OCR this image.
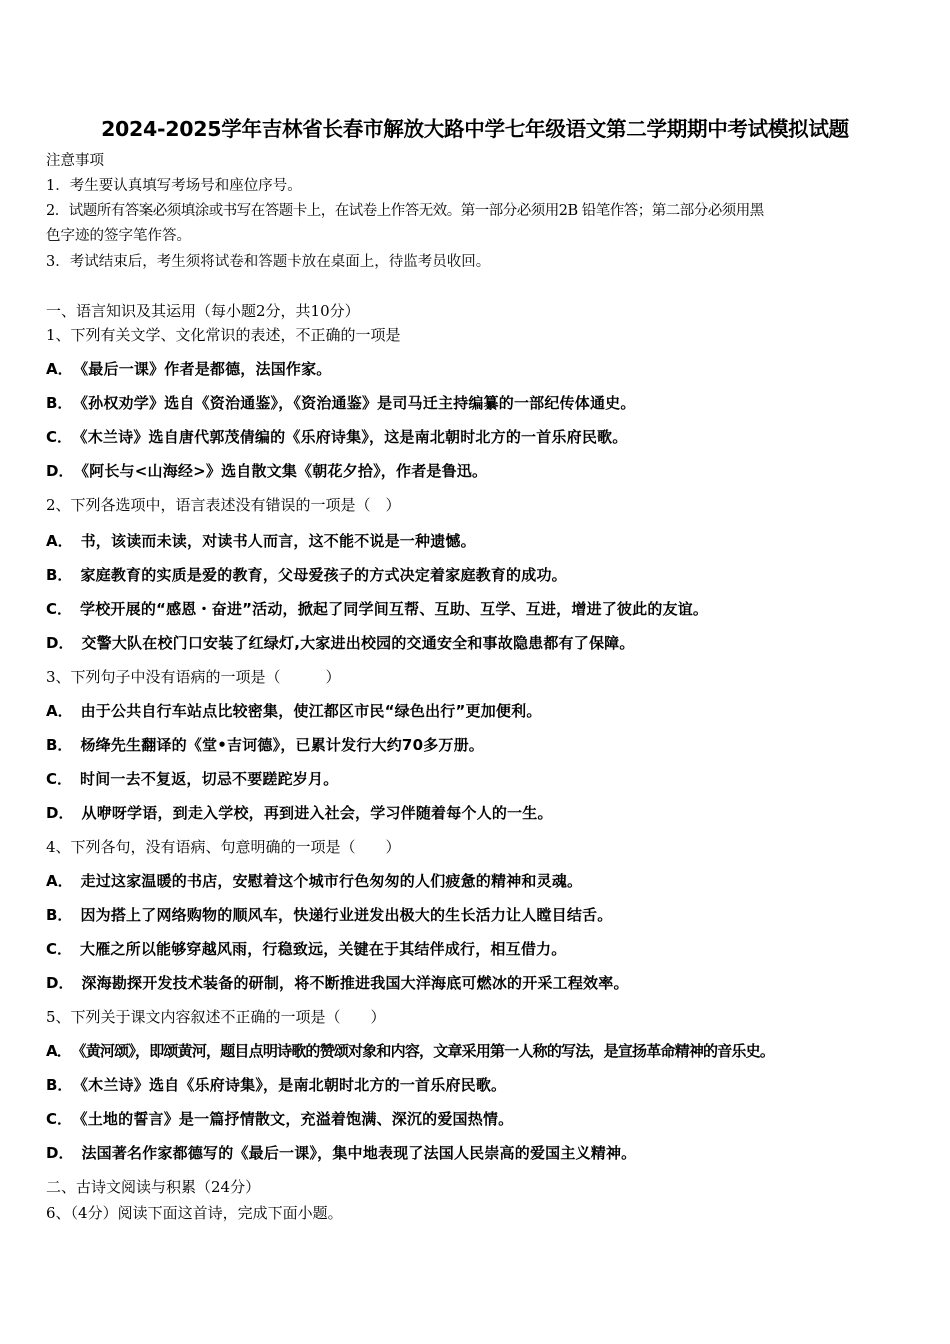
2024-2025学年吉林省长春市解放大路中学七年级语文第二学期期中考试模拟试题
注意事项
1．考生要认真填写考场号和座位序号。
2．试题所有答案必须填涂或书写在答题卡上，在试卷上作答无效。第一部分必须用2B 铅笔作答；第二部分必须用黑
色字迹的签字笔作答。
3．考试结束后，考生须将试卷和答题卡放在桌面上，待监考员收回。
一、语言知识及其运用（每小题2分，共10分）
1、下列有关文学、文化常识的表述，不正确的一项是
A． 《最后一课》作者是都德，法国作家。
B． 《孙权劝学》选自《资治通鉴》，《资治通鉴》是司马迁主持编纂的一部纪传体通史。
C． 《木兰诗》选自唐代郭茂倩编的《乐府诗集》，这是南北朝时北方的一首乐府民歌。
D． 《阿长与<山海经>》选自散文集《朝花夕拾》，作者是鲁迅。
2、下列各选项中，语言表述没有错误的一项是（　）
A． 书，该读而未读，对读书人而言，这不能不说是一种遗憾。
B． 家庭教育的实质是爱的教育，父母爱孩子的方式决定着家庭教育的成功。
C． 学校开展的“感恩・奋进”活动，掀起了同学间互帮、互助、互学、互进，增进了彼此的友谊。
D． 交警大队在校门口安装了红绿灯,大家进出校园的交通安全和事故隐患都有了保障。
3、下列句子中没有语病的一项是（　　　）
A． 由于公共自行车站点比较密集，使江都区市民“绿色出行”更加便利。
B． 杨绛先生翻译的《堂•吉诃德》，已累计发行大约70多万册。
C． 时间一去不复返，切忌不要蹉跎岁月。
D． 从咿呀学语，到走入学校，再到进入社会，学习伴随着每个人的一生。
4、下列各句，没有语病、句意明确的一项是（　　）
A． 走过这家温暖的书店，安慰着这个城市行色匆匆的人们疲惫的精神和灵魂。
B． 因为搭上了网络购物的顺风车，快递行业迸发出极大的生长活力让人瞠目结舌。
C． 大雁之所以能够穿越风雨，行稳致远，关键在于其结伴成行，相互借力。
D． 深海勘探开发技术装备的研制，将不断推进我国大洋海底可燃冰的开采工程效率。
5、下列关于课文内容叙述不正确的一项是（　　）
A． 《黄河颂》，即颂黄河，题目点明诗歌的赞颂对象和内容，文章采用第一人称的写法，是宣扬革命精神的音乐史。
B． 《木兰诗》选自《乐府诗集》，是南北朝时北方的一首乐府民歌。
C． 《土地的誓言》是一篇抒情散文，充溢着饱满、深沉的爱国热情。
D． 法国著名作家都德写的《最后一课》，集中地表现了法国人民崇高的爱国主义精神。
二、古诗文阅读与积累（24分）
6、（4分）阅读下面这首诗，完成下面小题。
